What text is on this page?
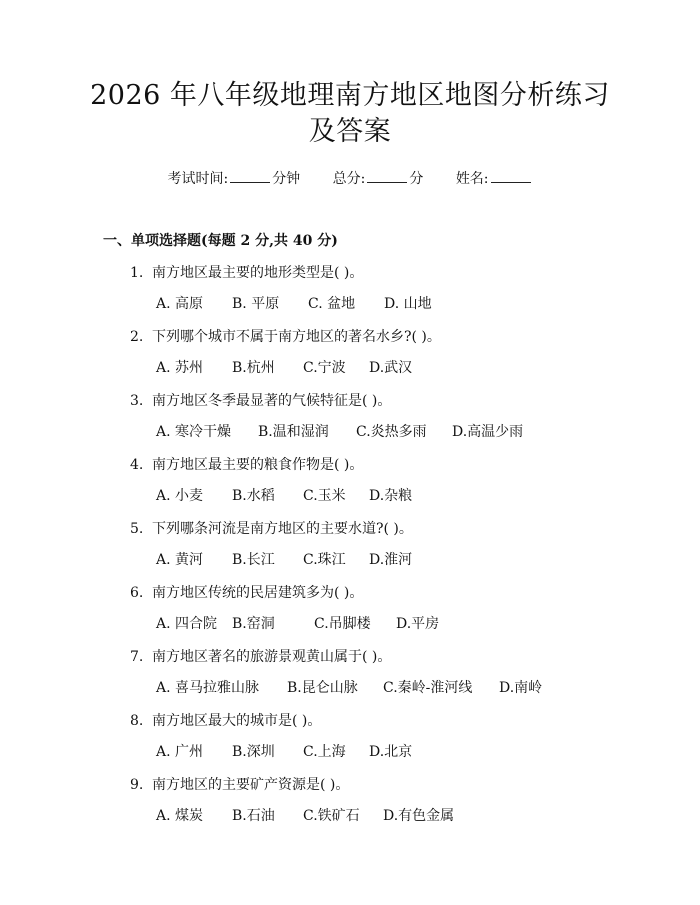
2026 年八年级地理南方地区地图分析练习及答案
考试时间:	分钟 总分:	分 姓名:
一、单项选择题(每题 2 分,共 40 分)
1. 南方地区最主要的地形类型是( )。
A. 高原 B. 平原 C. 盆地 D. 山地
2. 下列哪个城市不属于南方地区的著名水乡?( )。
A. 苏州 B.杭州 C.宁波 D.武汉
3. 南方地区冬季最显著的气候特征是( )。
A. 寒冷干燥 B.温和湿润 C.炎热多雨 D.高温少雨
4. 南方地区最主要的粮食作物是( )。
A. 小麦 B.水稻 C.玉米 D.杂粮
5. 下列哪条河流是南方地区的主要水道?( )。
A. 黄河 B.长江 C.珠江 D.淮河
6. 南方地区传统的民居建筑多为( )。
A. 四合院 B.窑洞	C.吊脚楼 D.平房
7. 南方地区著名的旅游景观黄山属于( )。
A. 喜马拉雅山脉 B.昆仑山脉 C.秦岭-淮河线 D.南岭
8. 南方地区最大的城市是( )。
A. 广州 B.深圳 C.上海 D.北京
9. 南方地区的主要矿产资源是( )。
A. 煤炭 B.石油 C.铁矿石 D.有色金属
